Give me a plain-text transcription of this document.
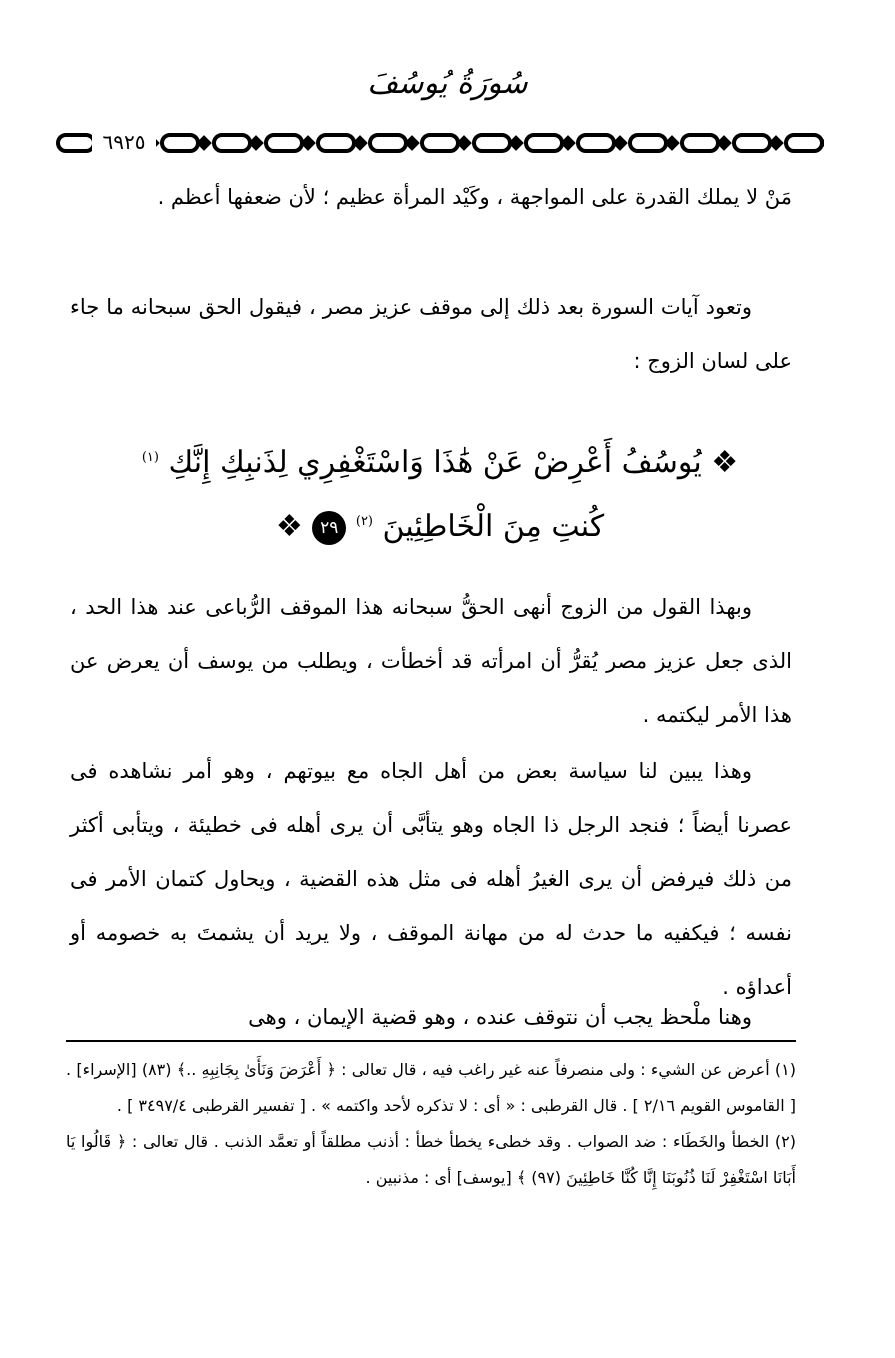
سُورَةُ يُوسُفَ
٦٩٢٥
مَنْ لا يملك القدرة على المواجهة ، وكَيْد المرأة عظيم ؛ لأن ضعفها أعظم .
وتعود آيات السورة بعد ذلك إلى موقف عزيز مصر ، فيقول الحق سبحانه ما جاء على لسان الزوج :
❖ يُوسُفُ أَعْرِضْ عَنْ هَٰذَا وَاسْتَغْفِرِي لِذَنبِكِ إِنَّكِ $^{(١)}$
كُنتِ مِنَ الْخَاطِئِينَ $^{(٢)}$ ٢٩ ❖
وبهذا القول من الزوج أنهى الحقُّ سبحانه هذا الموقف الرُّباعى عند هذا الحد ، الذى جعل عزيز مصر يُقرُّ أن امرأته قد أخطأت ، ويطلب من يوسف أن يعرض عن هذا الأمر ليكتمه .
وهذا يبين لنا سياسة بعض من أهل الجاه مع بيوتهم ، وهو أمر نشاهده فى عصرنا أيضاً ؛ فنجد الرجل ذا الجاه وهو يتأبَّى أن يرى أهله فى خطيئة ، ويتأبى أكثر من ذلك فيرفض أن يرى الغيرُ أهله فى مثل هذه القضية ، ويحاول كتمان الأمر فى نفسه ؛ فيكفيه ما حدث له من مهانة الموقف ، ولا يريد أن يشمتَ به خصومه أو أعداؤه .
وهنا ملْحظ يجب أن نتوقف عنده ، وهو قضية الإيمان ، وهى

(١) أعرض عن الشيء : ولى منصرفاً عنه غير راغب فيه ، قال تعالى : ﴿ أَعْرَضَ وَنَأَىٰ بِجَانِبِهِ ..﴾ (٨٣) [الإسراء] . [ القاموس القويم ٢/١٦ ] . قال القرطبى : « أى : لا تذكره لأحد واكتمه » . [ تفسير القرطبى ٣٤٩٧/٤ ] .

(٢) الخطأ والخَطَاء : ضد الصواب . وقد خطىء يخطأ خطأ : أذنب مطلقاً أو تعمَّد الذنب . قال تعالى : ﴿ قَالُوا يَا أَبَانَا اسْتَغْفِرْ لَنَا ذُنُوبَنَا إِنَّا كُنَّا خَاطِئِينَ (٩٧) ﴾ [يوسف] أى : مذنبين .
